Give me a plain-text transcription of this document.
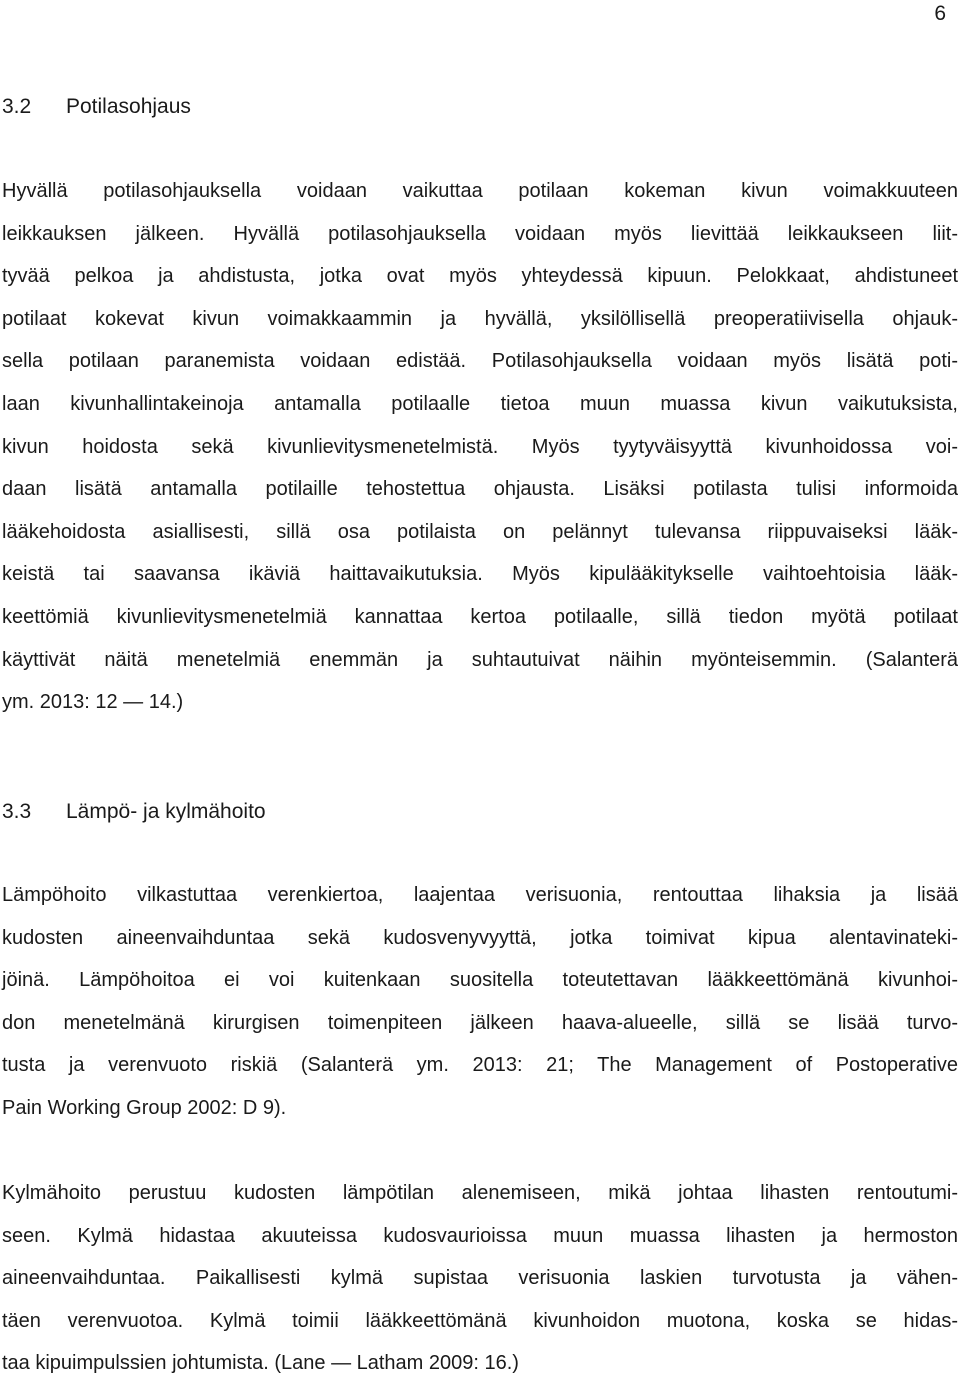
6
3.2 Potilasohjaus

Hyvällä potilasohjauksella voidaan vaikuttaa potilaan kokeman kivun voimakkuuteen
leikkauksen jälkeen. Hyvällä potilasohjauksella voidaan myös lievittää leikkaukseen liit-
tyvää pelkoa ja ahdistusta, jotka ovat myös yhteydessä kipuun. Pelokkaat, ahdistuneet
potilaat kokevat kivun voimakkaammin ja hyvällä, yksilöllisellä preoperatiivisella ohjauk-
sella potilaan paranemista voidaan edistää. Potilasohjauksella voidaan myös lisätä poti-
laan kivunhallintakeinoja antamalla potilaalle tietoa muun muassa kivun vaikutuksista,
kivun hoidosta sekä kivunlievitysmenetelmistä. Myös tyytyväisyyttä kivunhoidossa voi-
daan lisätä antamalla potilaille tehostettua ohjausta. Lisäksi potilasta tulisi informoida
lääkehoidosta asiallisesti, sillä osa potilaista on pelännyt tulevansa riippuvaiseksi lääk-
keistä tai saavansa ikäviä haittavaikutuksia. Myös kipulääkitykselle vaihtoehtoisia lääk-
keettömiä kivunlievitysmenetelmiä kannattaa kertoa potilaalle, sillä tiedon myötä potilaat
käyttivät näitä menetelmiä enemmän ja suhtautuivat näihin myönteisemmin. (Salanterä
ym. 2013: 12 — 14.)

3.3 Lämpö- ja kylmähoito

Lämpöhoito vilkastuttaa verenkiertoa, laajentaa verisuonia, rentouttaa lihaksia ja lisää
kudosten aineenvaihduntaa sekä kudosvenyvyyttä, jotka toimivat kipua alentavinateki-
jöinä. Lämpöhoitoa ei voi kuitenkaan suositella toteutettavan lääkkeettömänä kivunhoi-
don menetelmänä kirurgisen toimenpiteen jälkeen haava-alueelle, sillä se lisää turvo-
tusta ja verenvuoto riskiä (Salanterä ym. 2013: 21; The Management of Postoperative
Pain Working Group 2002: D 9).

Kylmähoito perustuu kudosten lämpötilan alenemiseen, mikä johtaa lihasten rentoutumi-
seen. Kylmä hidastaa akuuteissa kudosvaurioissa muun muassa lihasten ja hermoston
aineenvaihduntaa. Paikallisesti kylmä supistaa verisuonia laskien turvotusta ja vähen-
täen verenvuotoa. Kylmä toimii lääkkeettömänä kivunhoidon muotona, koska se hidas-
taa kipuimpulssien johtumista. (Lane — Latham 2009: 16.)
